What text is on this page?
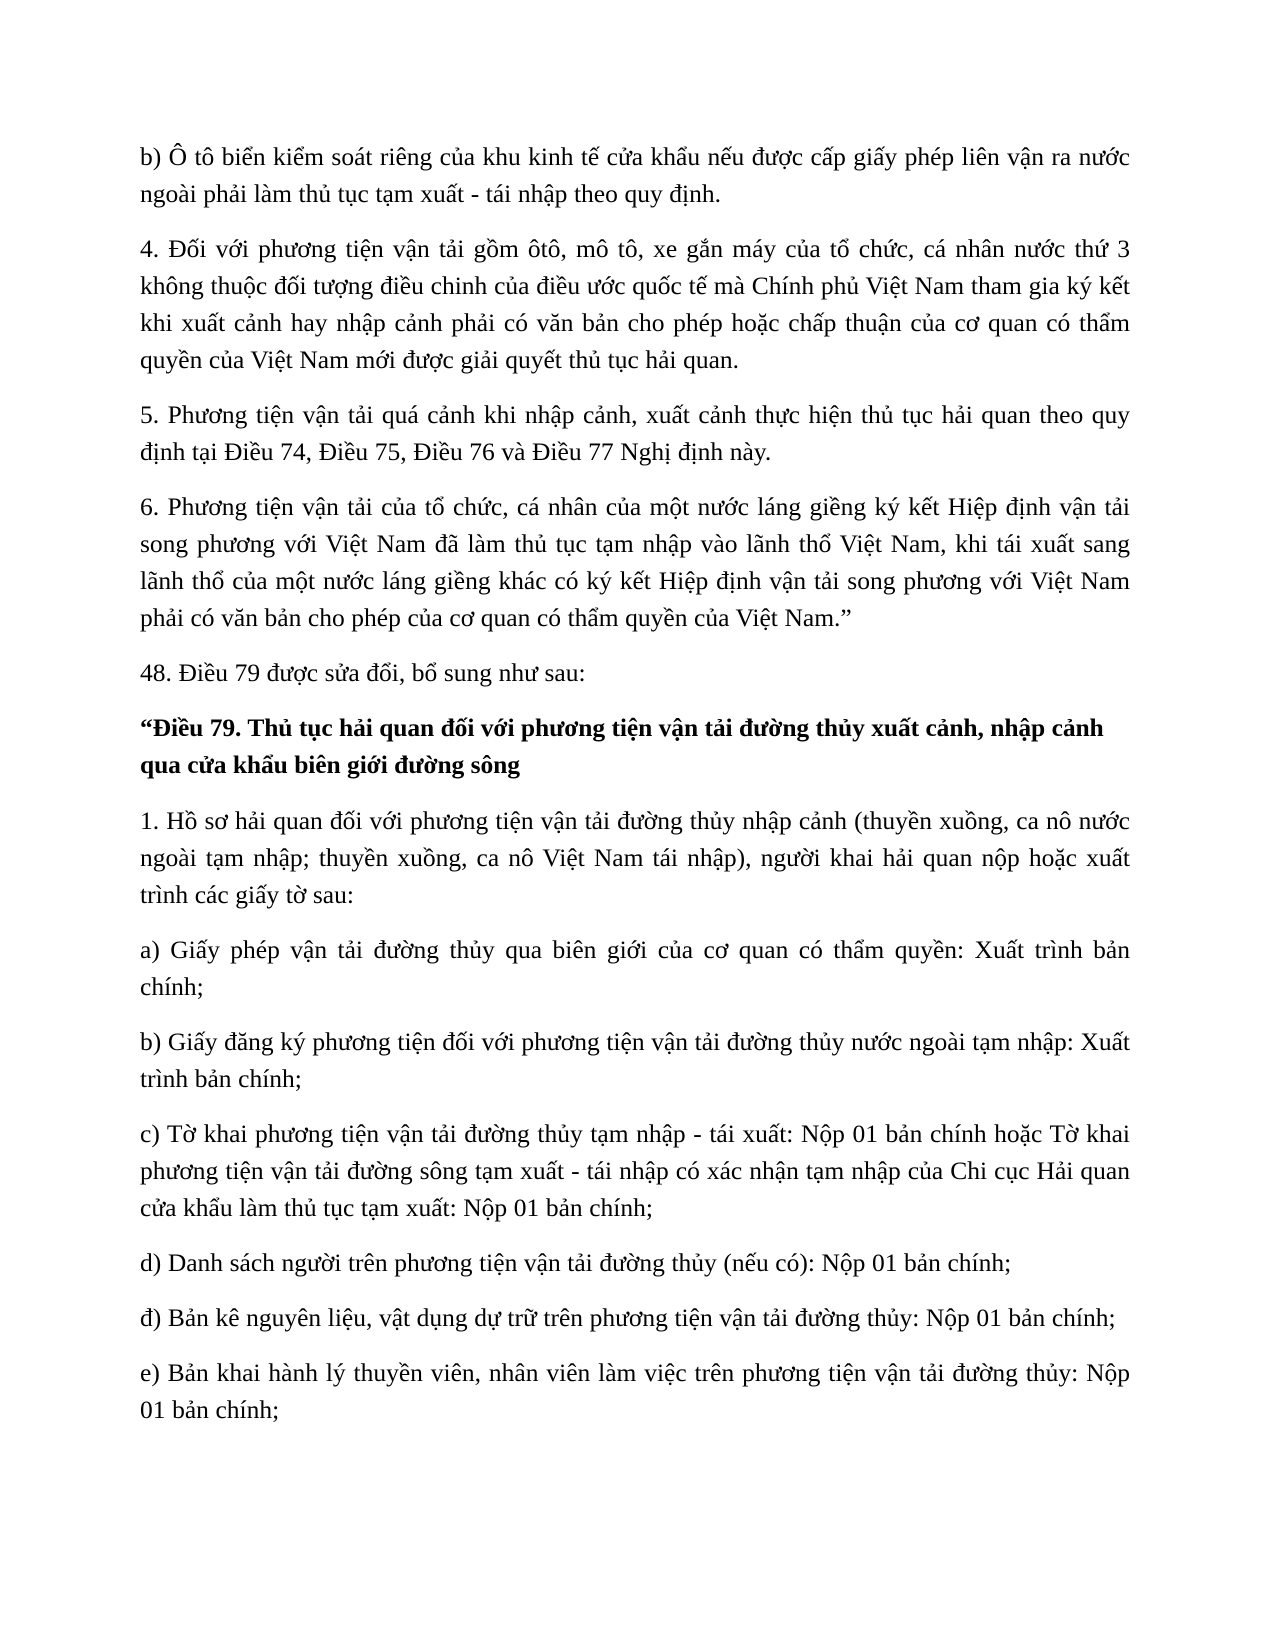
b) Ô tô biển kiểm soát riêng của khu kinh tế cửa khẩu nếu được cấp giấy phép liên vận ra nước ngoài phải làm thủ tục tạm xuất - tái nhập theo quy định.

4. Đối với phương tiện vận tải gồm ôtô, mô tô, xe gắn máy của tổ chức, cá nhân nước thứ 3 không thuộc đối tượng điều chinh của điều ước quốc tế mà Chính phủ Việt Nam tham gia ký kết khi xuất cảnh hay nhập cảnh phải có văn bản cho phép hoặc chấp thuận của cơ quan có thẩm quyền của Việt Nam mới được giải quyết thủ tục hải quan.

5. Phương tiện vận tải quá cảnh khi nhập cảnh, xuất cảnh thực hiện thủ tục hải quan theo quy định tại Điều 74, Điều 75, Điều 76 và Điều 77 Nghị định này.

6. Phương tiện vận tải của tổ chức, cá nhân của một nước láng giềng ký kết Hiệp định vận tải song phương với Việt Nam đã làm thủ tục tạm nhập vào lãnh thổ Việt Nam, khi tái xuất sang lãnh thổ của một nước láng giềng khác có ký kết Hiệp định vận tải song phương với Việt Nam phải có văn bản cho phép của cơ quan có thẩm quyền của Việt Nam.”

48. Điều 79 được sửa đổi, bổ sung như sau:

“Điều 79. Thủ tục hải quan đối với phương tiện vận tải đường thủy xuất cảnh, nhập cảnh qua cửa khẩu biên giới đường sông

1. Hồ sơ hải quan đối với phương tiện vận tải đường thủy nhập cảnh (thuyền xuồng, ca nô nước ngoài tạm nhập; thuyền xuồng, ca nô Việt Nam tái nhập), người khai hải quan nộp hoặc xuất trình các giấy tờ sau:

a) Giấy phép vận tải đường thủy qua biên giới của cơ quan có thẩm quyền: Xuất trình bản chính;

b) Giấy đăng ký phương tiện đối với phương tiện vận tải đường thủy nước ngoài tạm nhập: Xuất trình bản chính;

c) Tờ khai phương tiện vận tải đường thủy tạm nhập - tái xuất: Nộp 01 bản chính hoặc Tờ khai phương tiện vận tải đường sông tạm xuất - tái nhập có xác nhận tạm nhập của Chi cục Hải quan cửa khẩu làm thủ tục tạm xuất: Nộp 01 bản chính;

d) Danh sách người trên phương tiện vận tải đường thủy (nếu có): Nộp 01 bản chính;

đ) Bản kê nguyên liệu, vật dụng dự trữ trên phương tiện vận tải đường thủy: Nộp 01 bản chính;

e) Bản khai hành lý thuyền viên, nhân viên làm việc trên phương tiện vận tải đường thủy: Nộp 01 bản chính;
